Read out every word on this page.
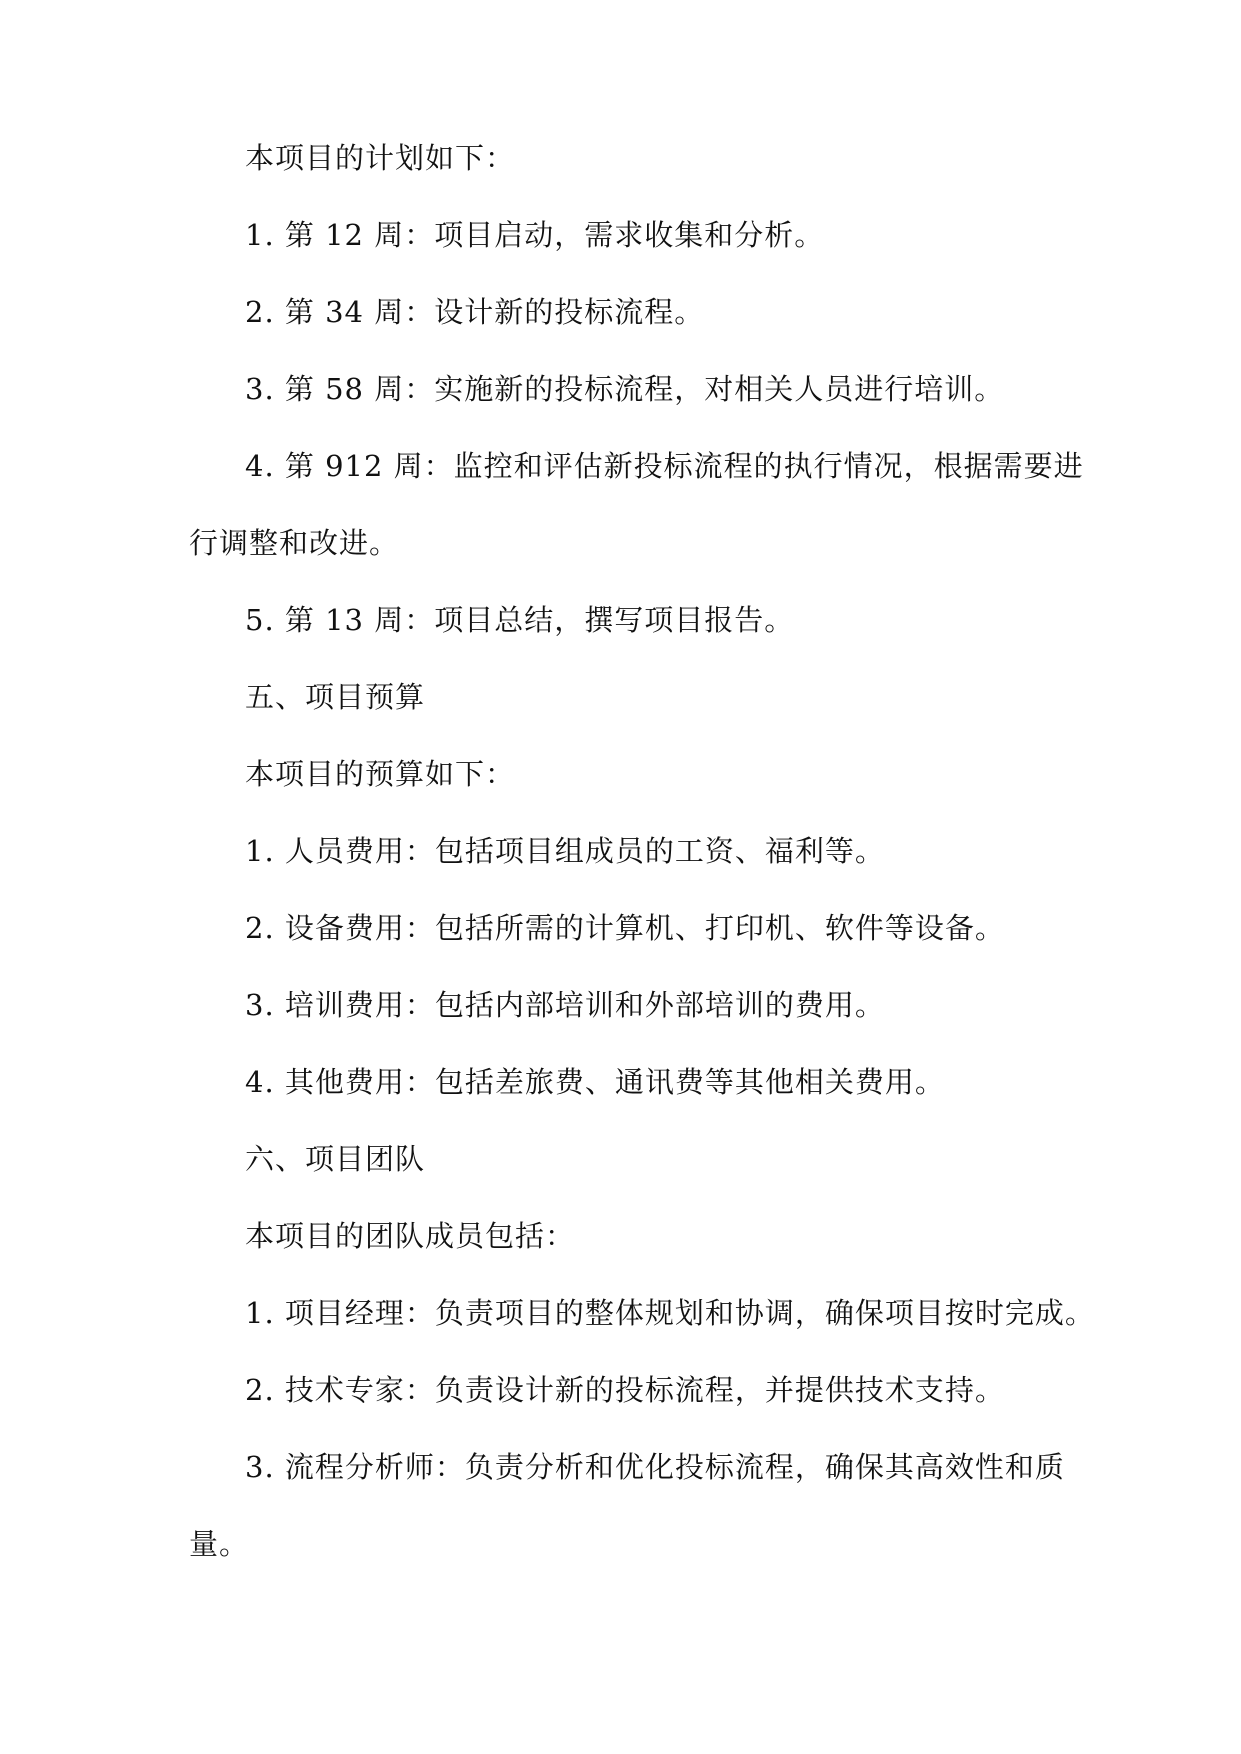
本项目的计划如下：
1. 第 12 周：项目启动，需求收集和分析。
2. 第 34 周：设计新的投标流程。
3. 第 58 周：实施新的投标流程，对相关人员进行培训。
4. 第 912 周：监控和评估新投标流程的执行情况，根据需要进
行调整和改进。
5. 第 13 周：项目总结，撰写项目报告。
五、项目预算
本项目的预算如下：
1. 人员费用：包括项目组成员的工资、福利等。
2. 设备费用：包括所需的计算机、打印机、软件等设备。
3. 培训费用：包括内部培训和外部培训的费用。
4. 其他费用：包括差旅费、通讯费等其他相关费用。
六、项目团队
本项目的团队成员包括：
1. 项目经理：负责项目的整体规划和协调，确保项目按时完成。
2. 技术专家：负责设计新的投标流程，并提供技术支持。
3. 流程分析师：负责分析和优化投标流程，确保其高效性和质
量。
